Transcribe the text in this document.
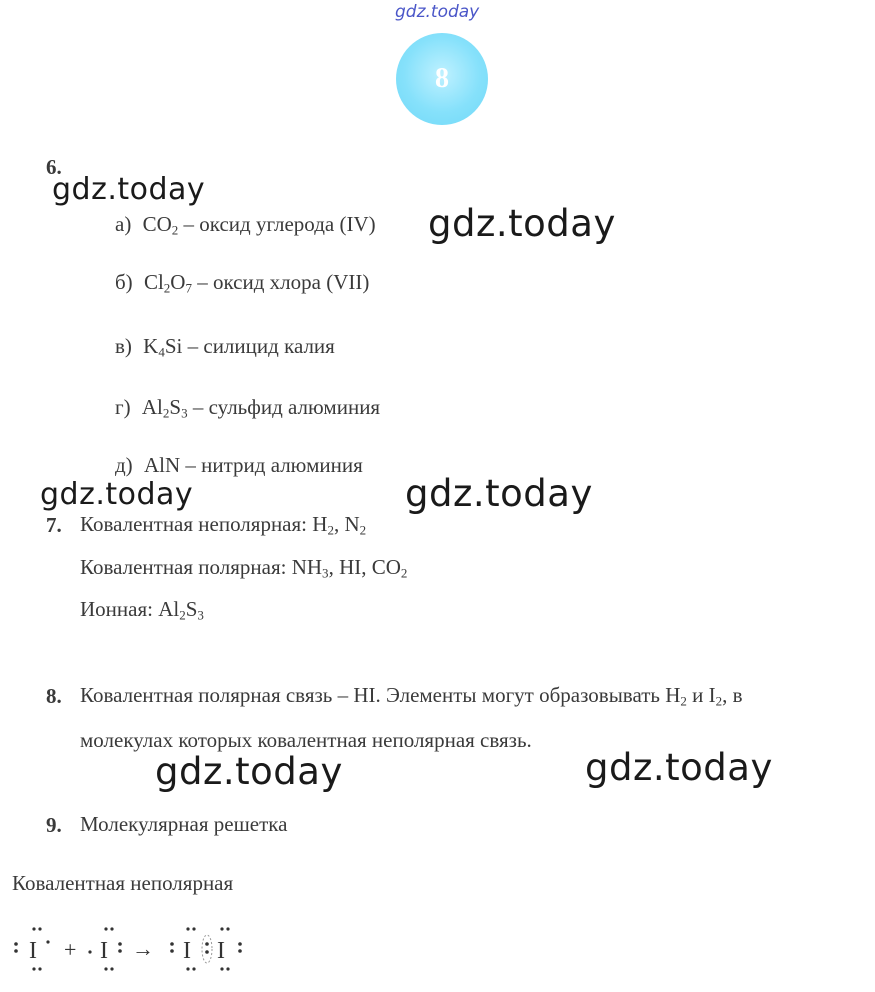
gdz.today
8
gdz.today
gdz.today
gdz.today	gdz.today
gdz.today	gdz.today
6.
а) $CO_2$ – оксид углерода (IV)
б) $Cl_2O_7$ – оксид хлора (VII)
в) $K_4Si$ – силицид калия
г) $Al_2S_3$ – сульфид алюминия
д) AlN – нитрид алюминия
7. Ковалентная неполярная: $H_2$, $N_2$
Ковалентная полярная: $NH_3$, HI, $CO_2$
Ионная: $Al_2S_3$
8. Ковалентная полярная связь – HI. Элементы могут образовывать $H_2$ и $I_2$, в
молекулах которых ковалентная неполярная связь.
9. Молекулярная решетка
Ковалентная неполярная
I + I → I I
